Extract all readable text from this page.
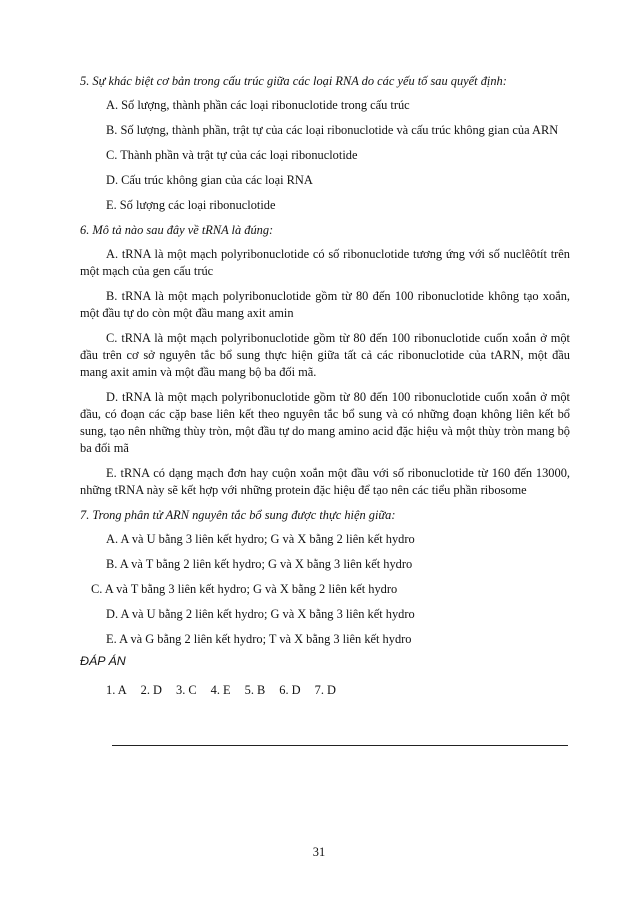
5. Sự khác biệt cơ bản trong cấu trúc giữa các loại RNA do các yếu tố sau quyết định:
A. Số lượng, thành phần các loại ribonuclotide trong cấu trúc
B. Số lượng, thành phần, trật tự của các loại ribonuclotide và cấu trúc không gian của ARN
C. Thành phần và trật tự của các loại ribonuclotide
D. Cấu trúc không gian của các loại RNA
E. Số lượng các loại ribonuclotide
6. Mô tả nào sau đây về tRNA là đúng:
A. tRNA là một mạch polyribonuclotide có số ribonuclotide tương ứng với số nuclêôtít trên một mạch của gen cấu trúc
B. tRNA là một mạch polyribonuclotide gồm từ 80 đến 100 ribonuclotide không tạo xoắn, một đầu tự do còn một đầu mang axit amin
C. tRNA là một mạch polyribonuclotide gồm từ 80 đến 100 ribonuclotide cuốn xoắn ở một đầu trên cơ sở nguyên tắc bổ sung thực hiện giữa tất cả các ribonuclotide của tARN, một đầu mang axit amin và một đầu mang bộ ba đối mã.
D. tRNA là một mạch polyribonuclotide gồm từ 80 đến 100 ribonuclotide cuốn xoắn ở một đầu, có đoạn các cặp base liên kết theo nguyên tắc bổ sung và có những đoạn không liên kết bổ sung, tạo nên những thùy tròn, một đầu tự do mang amino acid đặc hiệu và một thùy tròn mang bộ ba đối mã
E. tRNA có dạng mạch đơn hay cuộn xoắn một đầu với số ribonuclotide từ 160 đến 13000, những tRNA này sẽ kết hợp với những protein đặc hiệu để tạo nên các tiểu phần ribosome
7. Trong phân tử ARN nguyên tắc bổ sung được thực hiện giữa:
A. A và U bằng 3 liên kết hydro; G và X bằng 2 liên kết hydro
B. A và T bằng 2 liên kết hydro; G và X bằng 3 liên kết hydro
C. A và T bằng 3 liên kết hydro; G và X bằng 2 liên kết hydro
D. A và U bằng 2 liên kết hydro; G và X bằng 3 liên kết hydro
E. A và G bằng 2 liên kết hydro; T và X bằng 3 liên kết hydro
ĐÁP ÁN
1. A 2. D 3. C 4. E 5. B 6. D 7. D
31
